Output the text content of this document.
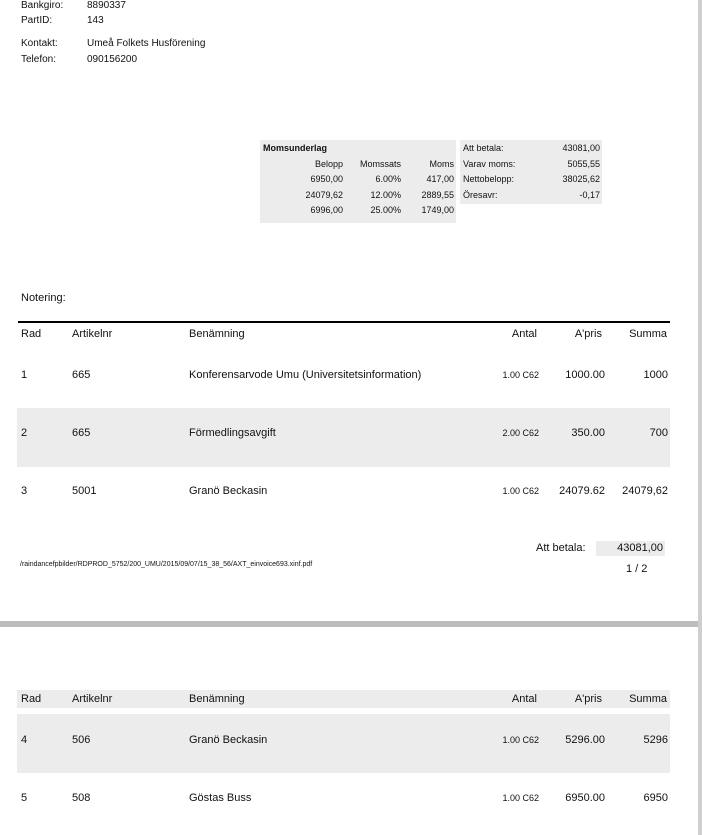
Bankgiro: 8890337
PartID:	143
Kontakt:	Umeå Folkets Husförening
Telefon:	090156200
Momsunderlag
Belopp	Momssats	Moms
6950,00	6.00%	417,00
24079,62	12.00%	2889,55
6996,00	25.00%	1749,00
Att betala:	43081,00
Varav moms:	5055,55
Nettobelopp:	38025,62
Öresavr:	-0,17
Notering:
Rad	Artikelnr	Benämning	Antal	A'pris	Summa
1	665	Konferensarvode Umu (Universitetsinformation)	1.00 C62	1000.00	1000
2	665	Förmedlingsavgift	2.00 C62	350.00	700
3	5001	Granö Beckasin	1.00 C62	24079.62	24079,62
Att betala:	43081,00
/raindancefpbilder/RDPROD_5752/200_UMU/2015/09/07/15_38_56/AXT_einvoice693.xinf.pdf	1 / 2
Rad	Artikelnr	Benämning	Antal	A'pris	Summa
4	506	Granö Beckasin	1.00 C62	5296.00	5296
5	508	Göstas Buss	1.00 C62	6950.00	6950
